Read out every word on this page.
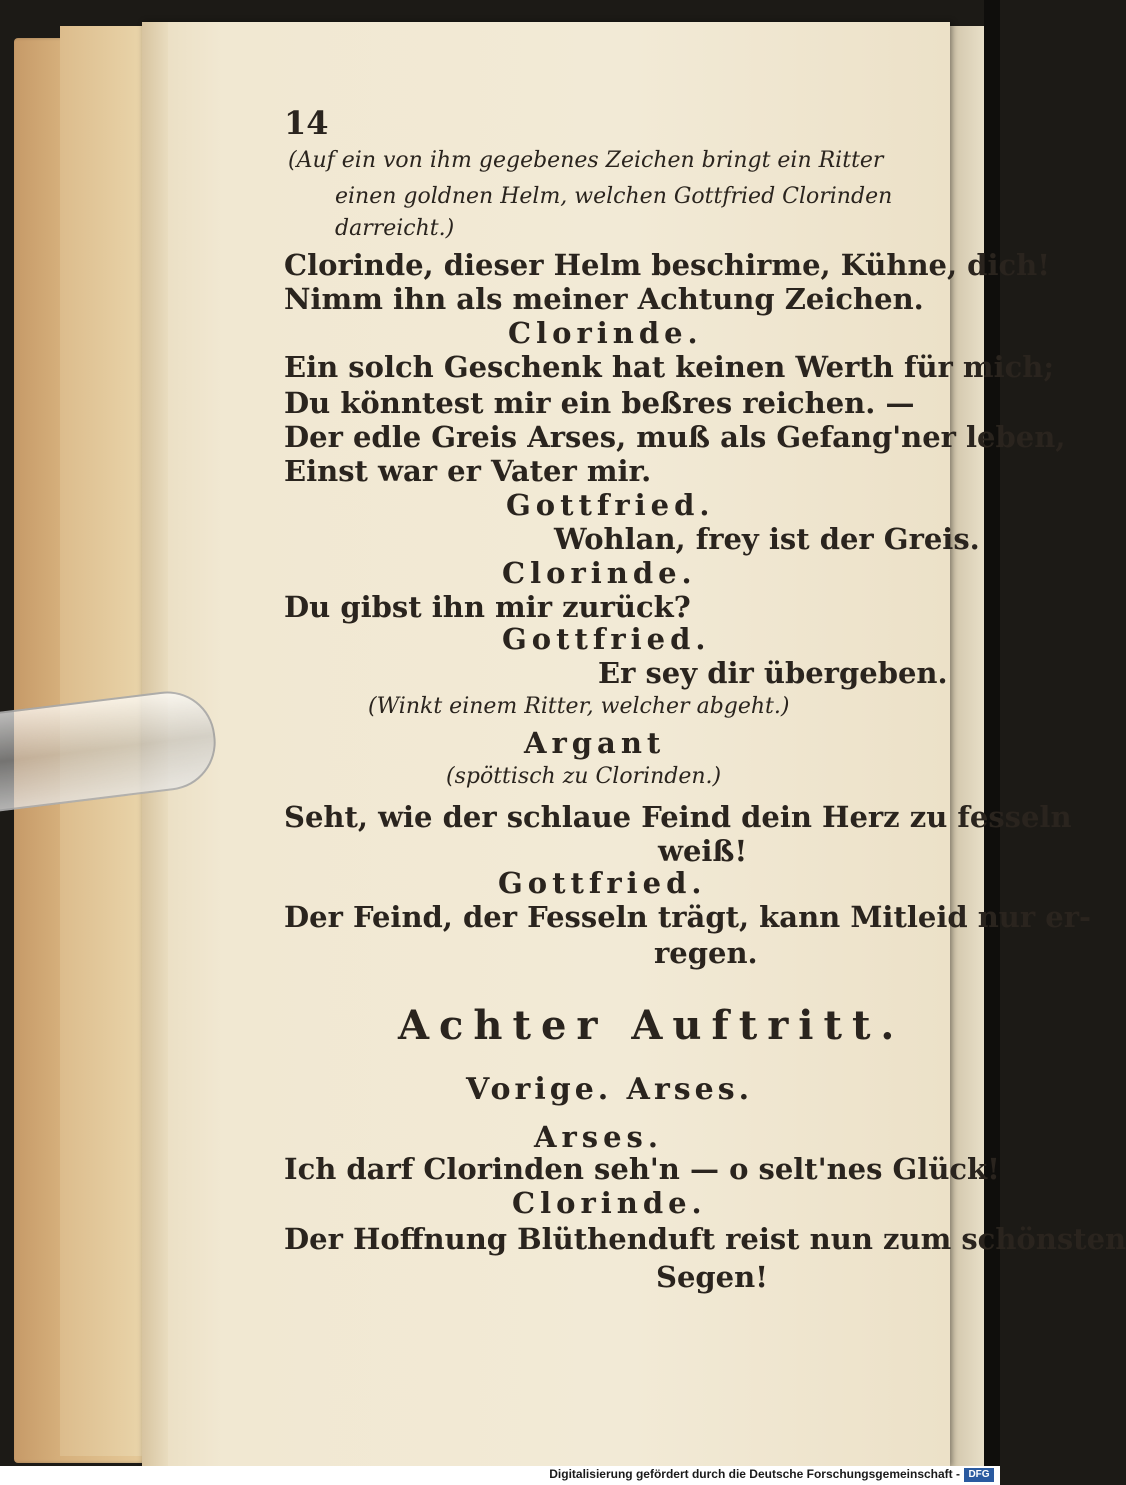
14
(Auf ein von ihm gegebenes Zeichen bringt ein Ritter
einen goldnen Helm, welchen Gottfried Clorinden
darreicht.)
Clorinde, dieser Helm beschirme, Kühne, dich!
Nimm ihn als meiner Achtung Zeichen.
Clorinde.
Ein solch Geschenk hat keinen Werth für mich;
Du könntest mir ein beßres reichen. —
Der edle Greis Arses, muß als Gefang'ner leben,
Einst war er Vater mir.
Gottfried.
Wohlan, frey ist der Greis.
Clorinde.
Du gibst ihn mir zurück?
Gottfried.
Er sey dir übergeben.
(Winkt einem Ritter, welcher abgeht.)
Argant
(spöttisch zu Clorinden.)
Seht, wie der schlaue Feind dein Herz zu fesseln
weiß!
Gottfried.
Der Feind, der Fesseln trägt, kann Mitleid nur er-
regen.
Achter Auftritt.
Vorige. Arses.
Arses.
Ich darf Clorinden seh'n — o selt'nes Glück!
Clorinde.
Der Hoffnung Blüthenduft reist nun zum schönsten
Segen!
Digitalisierung gefördert durch die Deutsche Forschungsgemeinschaft - DFG
